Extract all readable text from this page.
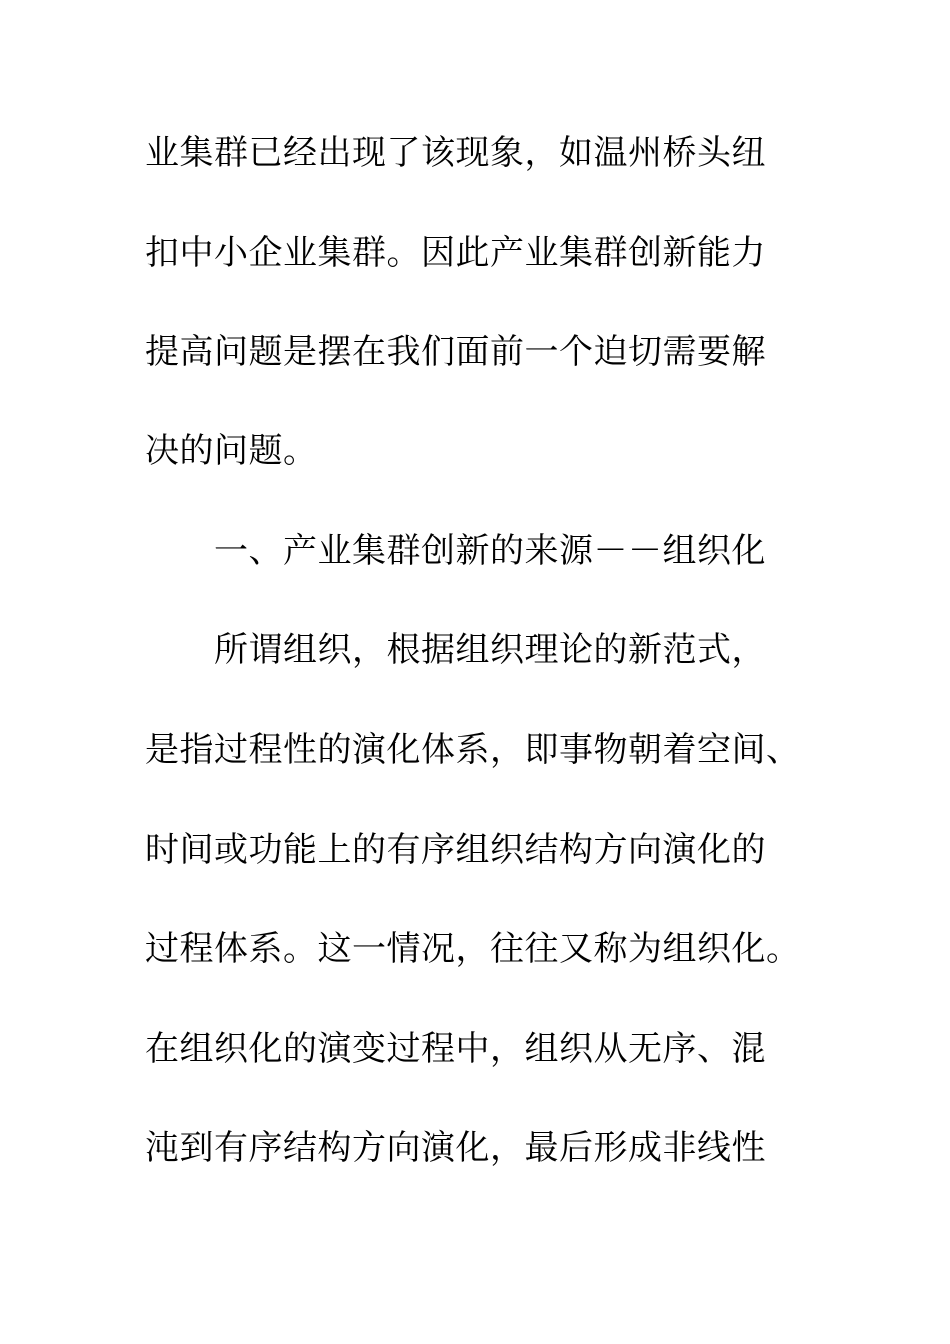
业集群已经出现了该现象，如温州桥头纽
扣中小企业集群。因此产业集群创新能力
提高问题是摆在我们面前一个迫切需要解
决的问题。
一、产业集群创新的来源－－组织化
所谓组织，根据组织理论的新范式，
是指过程性的演化体系，即事物朝着空间、
时间或功能上的有序组织结构方向演化的
过程体系。这一情况，往往又称为组织化。
在组织化的演变过程中，组织从无序、混
沌到有序结构方向演化，最后形成非线性
